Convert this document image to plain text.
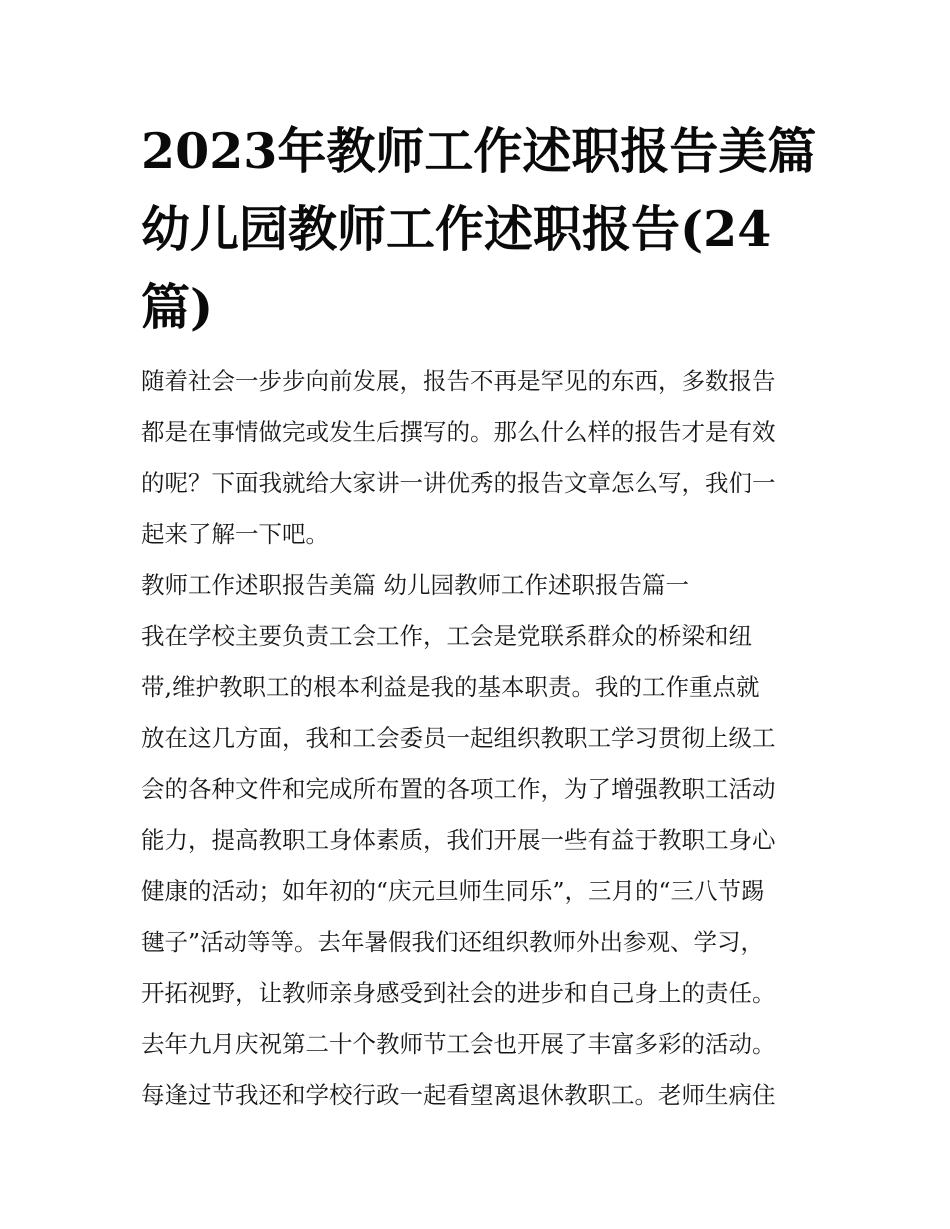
2023年教师工作述职报告美篇
幼儿园教师工作述职报告(24
篇)

随着社会一步步向前发展，报告不再是罕见的东西，多数报告

都是在事情做完或发生后撰写的。那么什么样的报告才是有效

的呢？下面我就给大家讲一讲优秀的报告文章怎么写，我们一

起来了解一下吧。

教师工作述职报告美篇 幼儿园教师工作述职报告篇一

我在学校主要负责工会工作，工会是党联系群众的桥梁和纽

带,维护教职工的根本利益是我的基本职责。我的工作重点就

放在这几方面，我和工会委员一起组织教职工学习贯彻上级工

会的各种文件和完成所布置的各项工作，为了增强教职工活动

能力，提高教职工身体素质，我们开展一些有益于教职工身心

健康的活动；如年初的“庆元旦师生同乐”，三月的“三八节踢

毽子”活动等等。去年暑假我们还组织教师外出参观、学习，

开拓视野，让教师亲身感受到社会的进步和自己身上的责任。

去年九月庆祝第二十个教师节工会也开展了丰富多彩的活动。

每逢过节我还和学校行政一起看望离退休教职工。老师生病住
